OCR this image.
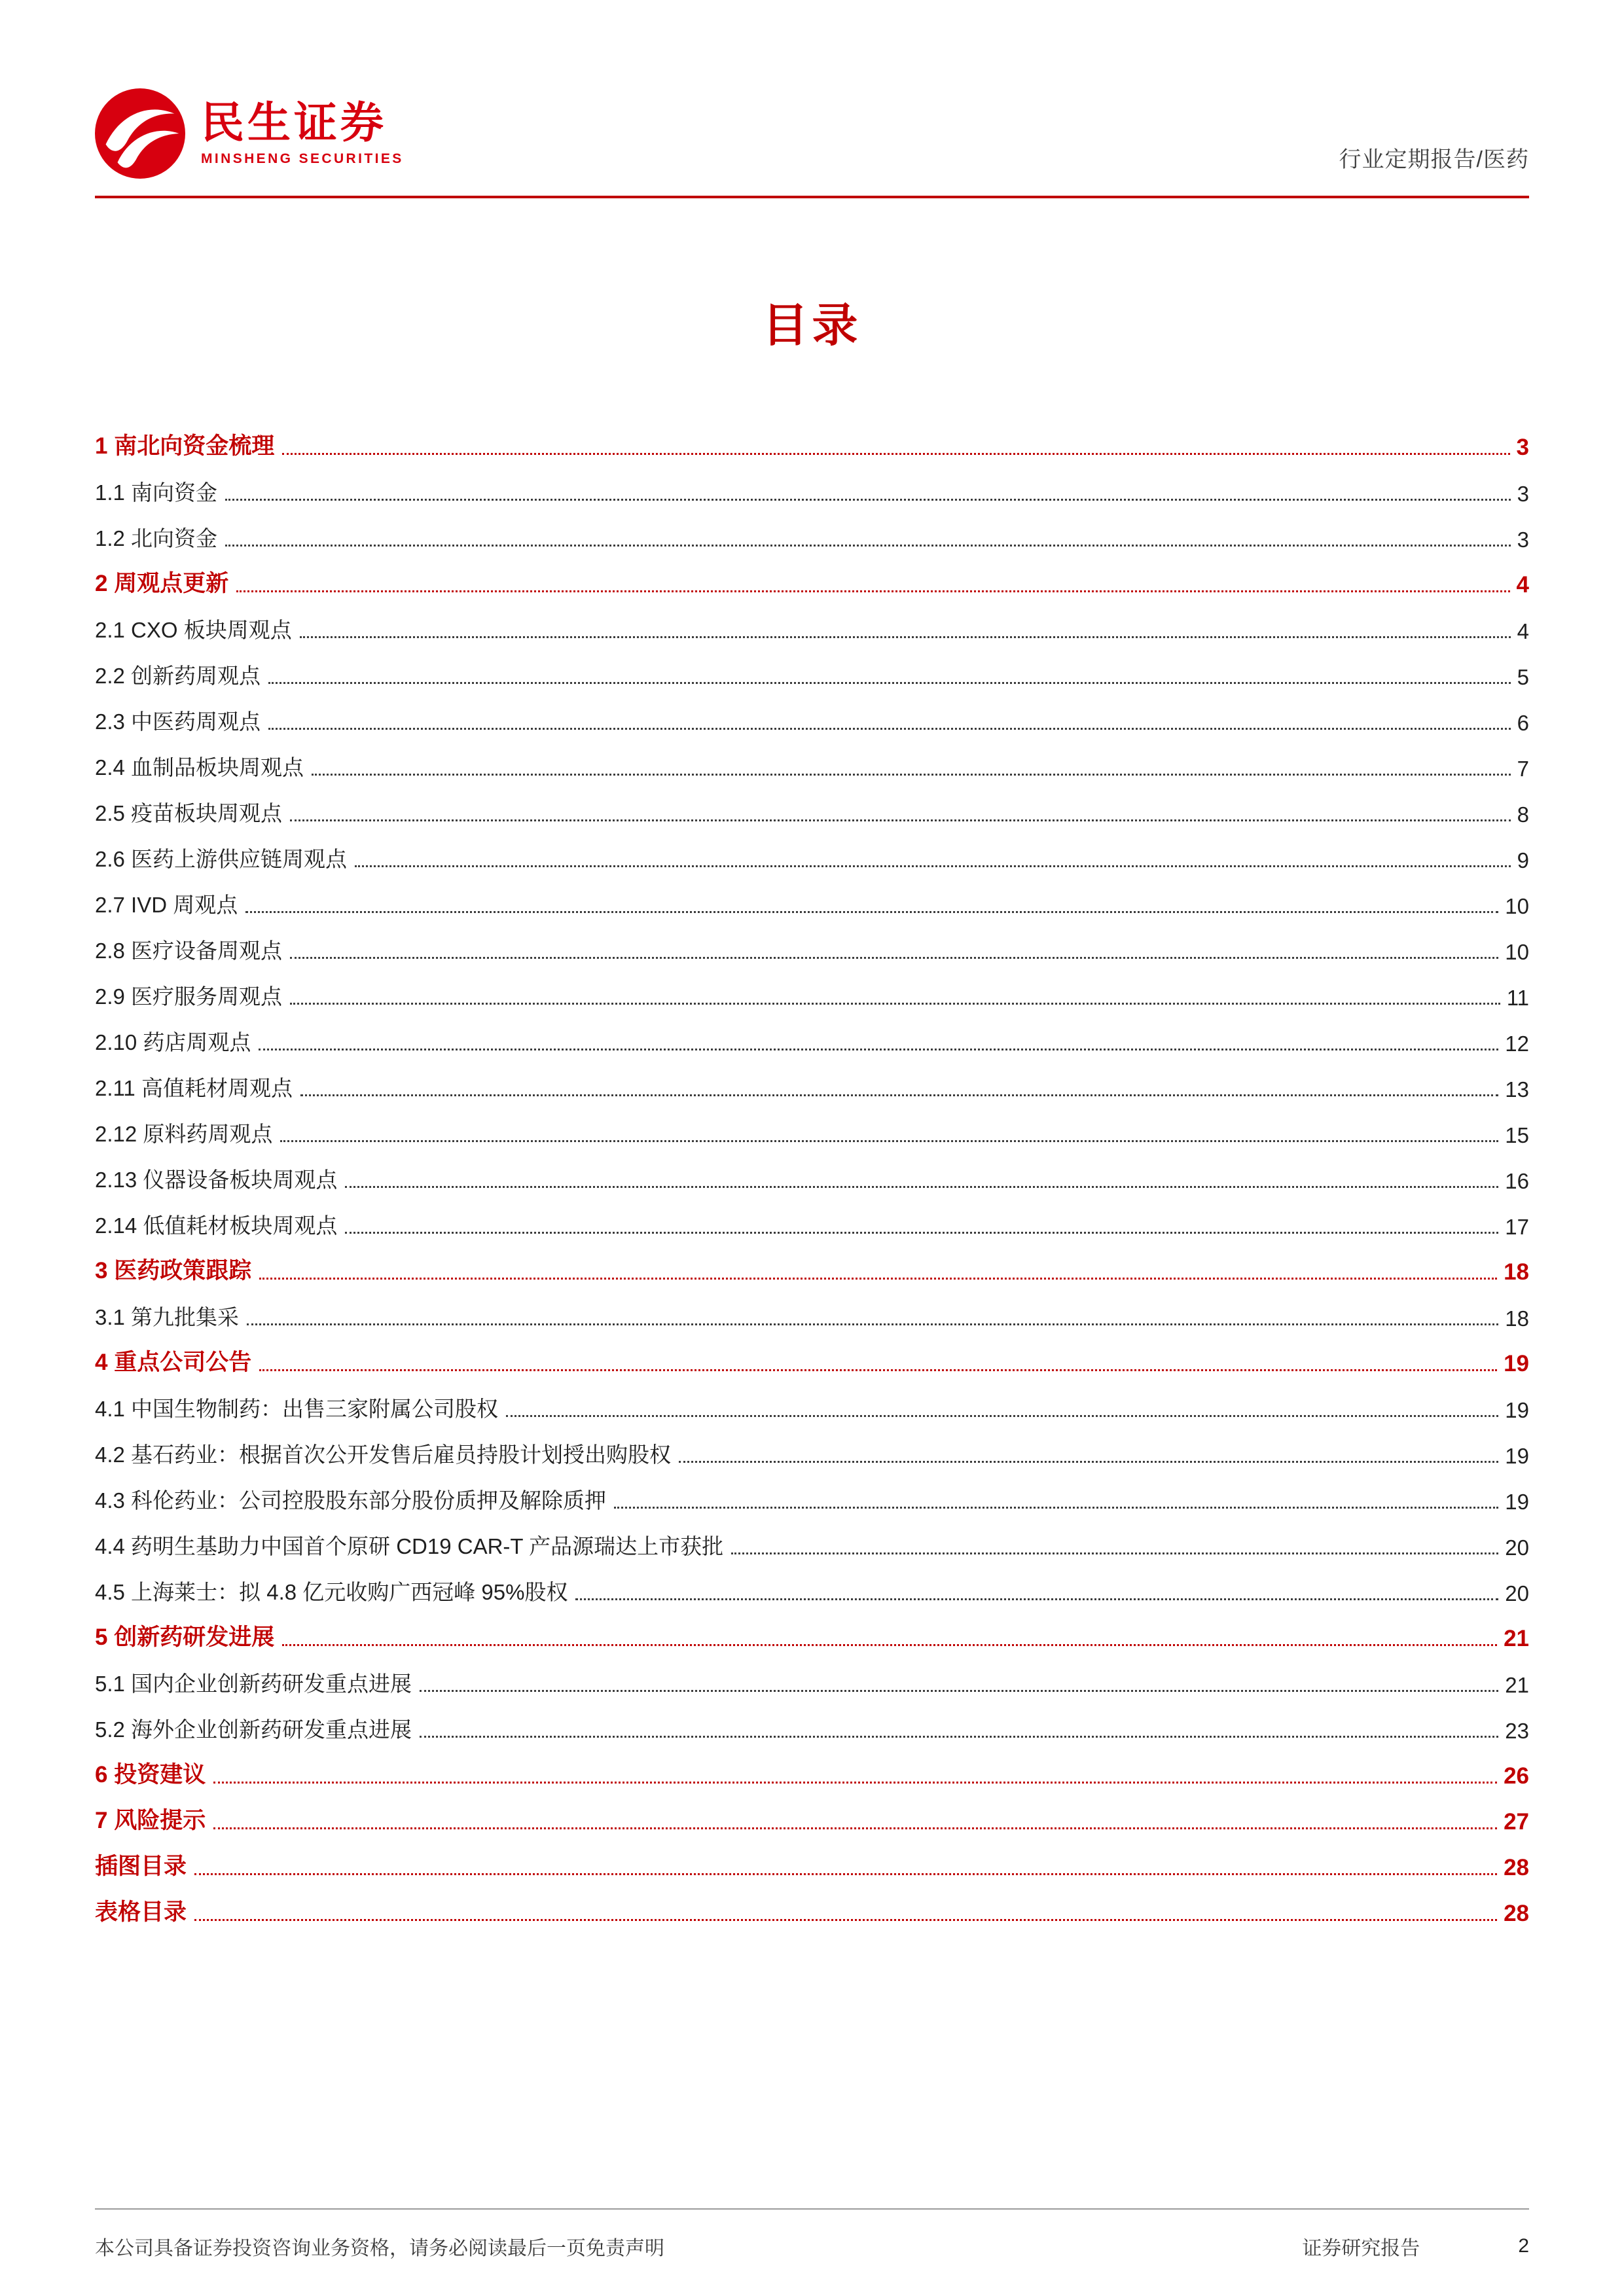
民生证券
MINSHENG SECURITIES	行业定期报告/医药
目录
1 南北向资金梳理	3
1.1 南向资金	3
1.2 北向资金	3
2 周观点更新	4
2.1 CXO 板块周观点	4
2.2 创新药周观点	5
2.3 中医药周观点	6
2.4 血制品板块周观点	7
2.5 疫苗板块周观点	8
2.6 医药上游供应链周观点	9
2.7 IVD 周观点	10
2.8 医疗设备周观点	10
2.9 医疗服务周观点	11
2.10 药店周观点	12
2.11 高值耗材周观点	13
2.12 原料药周观点	15
2.13 仪器设备板块周观点	16
2.14 低值耗材板块周观点	17
3 医药政策跟踪	18
3.1 第九批集采	18
4 重点公司公告	19
4.1 中国生物制药：出售三家附属公司股权	19
4.2 基石药业：根据首次公开发售后雇员持股计划授出购股权	19
4.3 科伦药业：公司控股股东部分股份质押及解除质押	19
4.4 药明生基助力中国首个原研 CD19 CAR-T 产品源瑞达上市获批	20
4.5 上海莱士：拟 4.8 亿元收购广西冠峰 95%股权	20
5 创新药研发进展	21
5.1 国内企业创新药研发重点进展	21
5.2 海外企业创新药研发重点进展	23
6 投资建议	26
7 风险提示	27
插图目录	28
表格目录	28
本公司具备证券投资咨询业务资格，请务必阅读最后一页免责声明	证券研究报告	2
